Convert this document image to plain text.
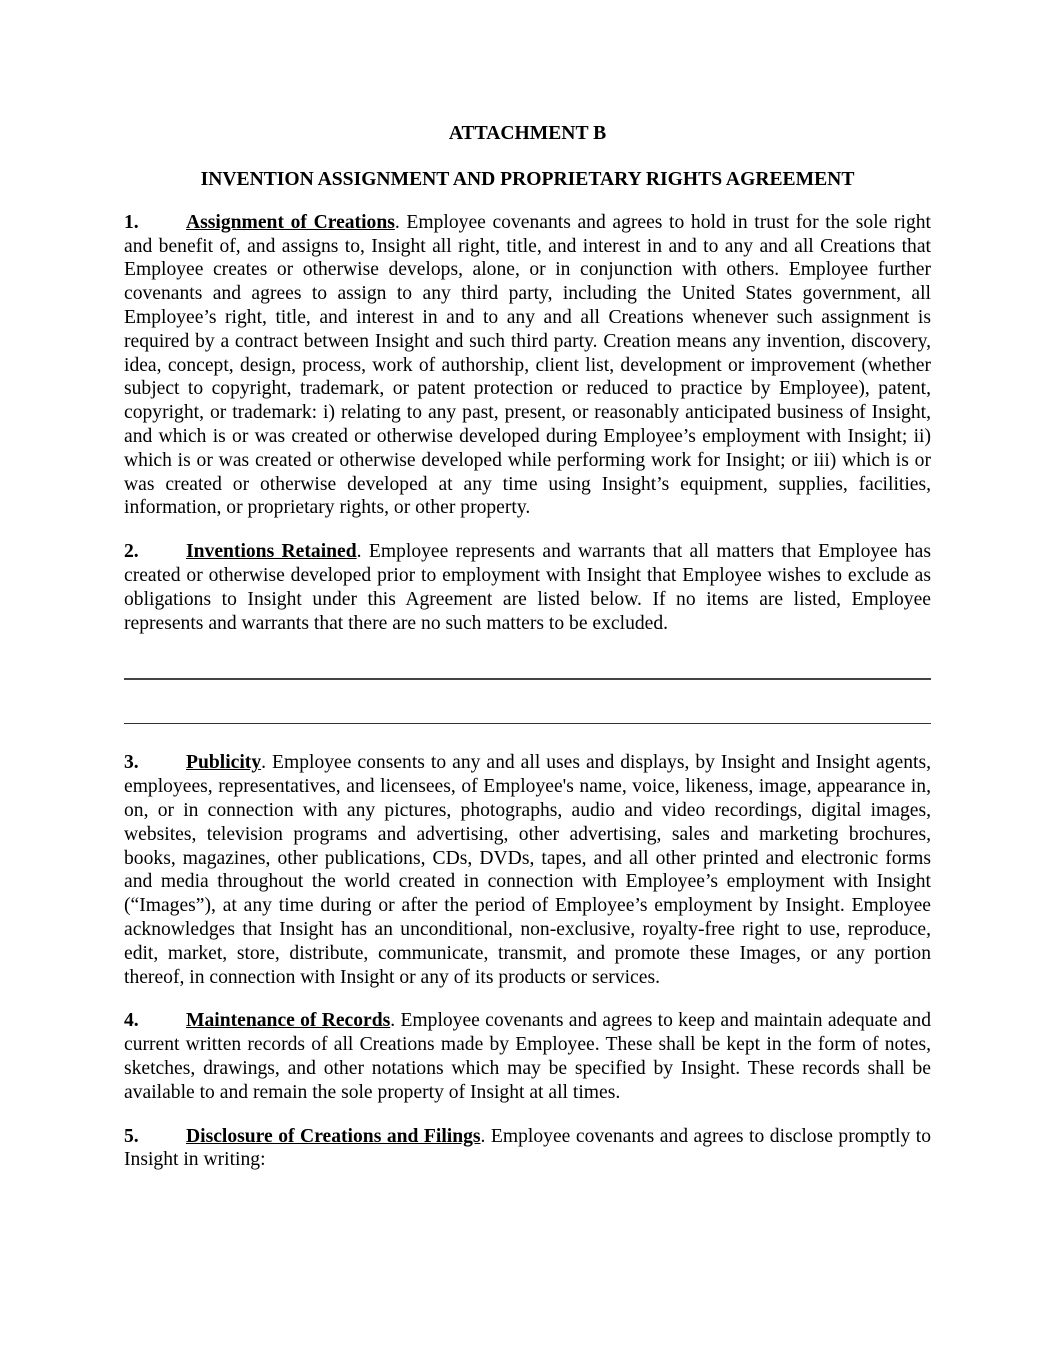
ATTACHMENT B

INVENTION ASSIGNMENT AND PROPRIETARY RIGHTS AGREEMENT

1. Assignment of Creations. Employee covenants and agrees to hold in trust for the sole right and benefit of, and assigns to, Insight all right, title, and interest in and to any and all Creations that Employee creates or otherwise develops, alone, or in conjunction with others. Employee further covenants and agrees to assign to any third party, including the United States government, all Employee’s right, title, and interest in and to any and all Creations whenever such assignment is required by a contract between Insight and such third party. Creation means any invention, discovery, idea, concept, design, process, work of authorship, client list, development or improvement (whether subject to copyright, trademark, or patent protection or reduced to practice by Employee), patent, copyright, or trademark: i) relating to any past, present, or reasonably anticipated business of Insight, and which is or was created or otherwise developed during Employee’s employment with Insight; ii) which is or was created or otherwise developed while performing work for Insight; or iii) which is or was created or otherwise developed at any time using Insight’s equipment, supplies, facilities, information, or proprietary rights, or other property.

2. Inventions Retained. Employee represents and warrants that all matters that Employee has created or otherwise developed prior to employment with Insight that Employee wishes to exclude as obligations to Insight under this Agreement are listed below. If no items are listed, Employee represents and warrants that there are no such matters to be excluded.

3. Publicity. Employee consents to any and all uses and displays, by Insight and Insight agents, employees, representatives, and licensees, of Employee's name, voice, likeness, image, appearance in, on, or in connection with any pictures, photographs, audio and video recordings, digital images, websites, television programs and advertising, other advertising, sales and marketing brochures, books, magazines, other publications, CDs, DVDs, tapes, and all other printed and electronic forms and media throughout the world created in connection with Employee’s employment with Insight (“Images”), at any time during or after the period of Employee’s employment by Insight. Employee acknowledges that Insight has an unconditional, non-exclusive, royalty-free right to use, reproduce, edit, market, store, distribute, communicate, transmit, and promote these Images, or any portion thereof, in connection with Insight or any of its products or services.

4. Maintenance of Records. Employee covenants and agrees to keep and maintain adequate and current written records of all Creations made by Employee. These shall be kept in the form of notes, sketches, drawings, and other notations which may be specified by Insight. These records shall be available to and remain the sole property of Insight at all times.

5. Disclosure of Creations and Filings. Employee covenants and agrees to disclose promptly to Insight in writing:
